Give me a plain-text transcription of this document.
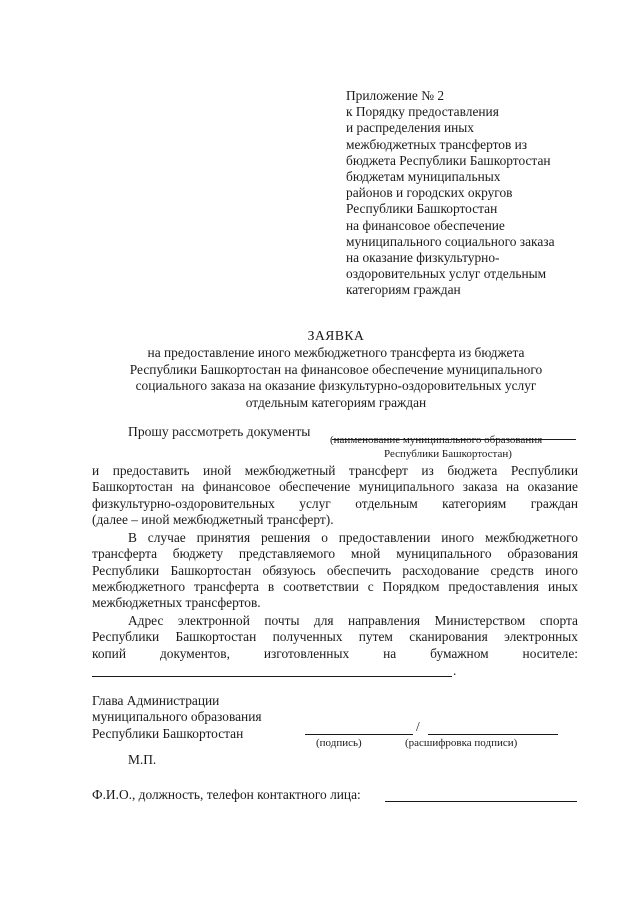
Приложение № 2
к Порядку предоставления
и распределения иных
межбюджетных трансфертов из
бюджета Республики Башкортостан
бюджетам муниципальных
районов и городских округов
Республики Башкортостан
на финансовое обеспечение
муниципального социального заказа
на оказание физкультурно-
оздоровительных услуг отдельным
категориям граждан
ЗАЯВКА
на предоставление иного межбюджетного трансферта из бюджета
Республики Башкортостан на финансовое обеспечение муниципального
социального заказа на оказание физкультурно-оздоровительных услуг
отдельным категориям граждан
Прошу рассмотреть документы
(наименование муниципального образования
Республики Башкортостан)
и предоставить иной межбюджетный трансферт из бюджета Республики
Башкортостан на финансовое обеспечение муниципального заказа на оказание
физкультурно-оздоровительных услуг отдельным категориям граждан
(далее – иной межбюджетный трансферт).
В случае принятия решения о предоставлении иного межбюджетного
трансферта бюджету представляемого мной муниципального образования
Республики Башкортостан обязуюсь обеспечить расходование средств иного
межбюджетного трансферта в соответствии с Порядком предоставления иных
межбюджетных трансфертов.
Адрес электронной почты для направления Министерством спорта
Республики Башкортостан полученных путем сканирования электронных
копий документов, изготовленных на бумажном носителе:
.
Глава Администрации
муниципального образования
Республики Башкортостан	/
(подпись)	(расшифровка подписи)
М.П.
Ф.И.О., должность, телефон контактного лица:
